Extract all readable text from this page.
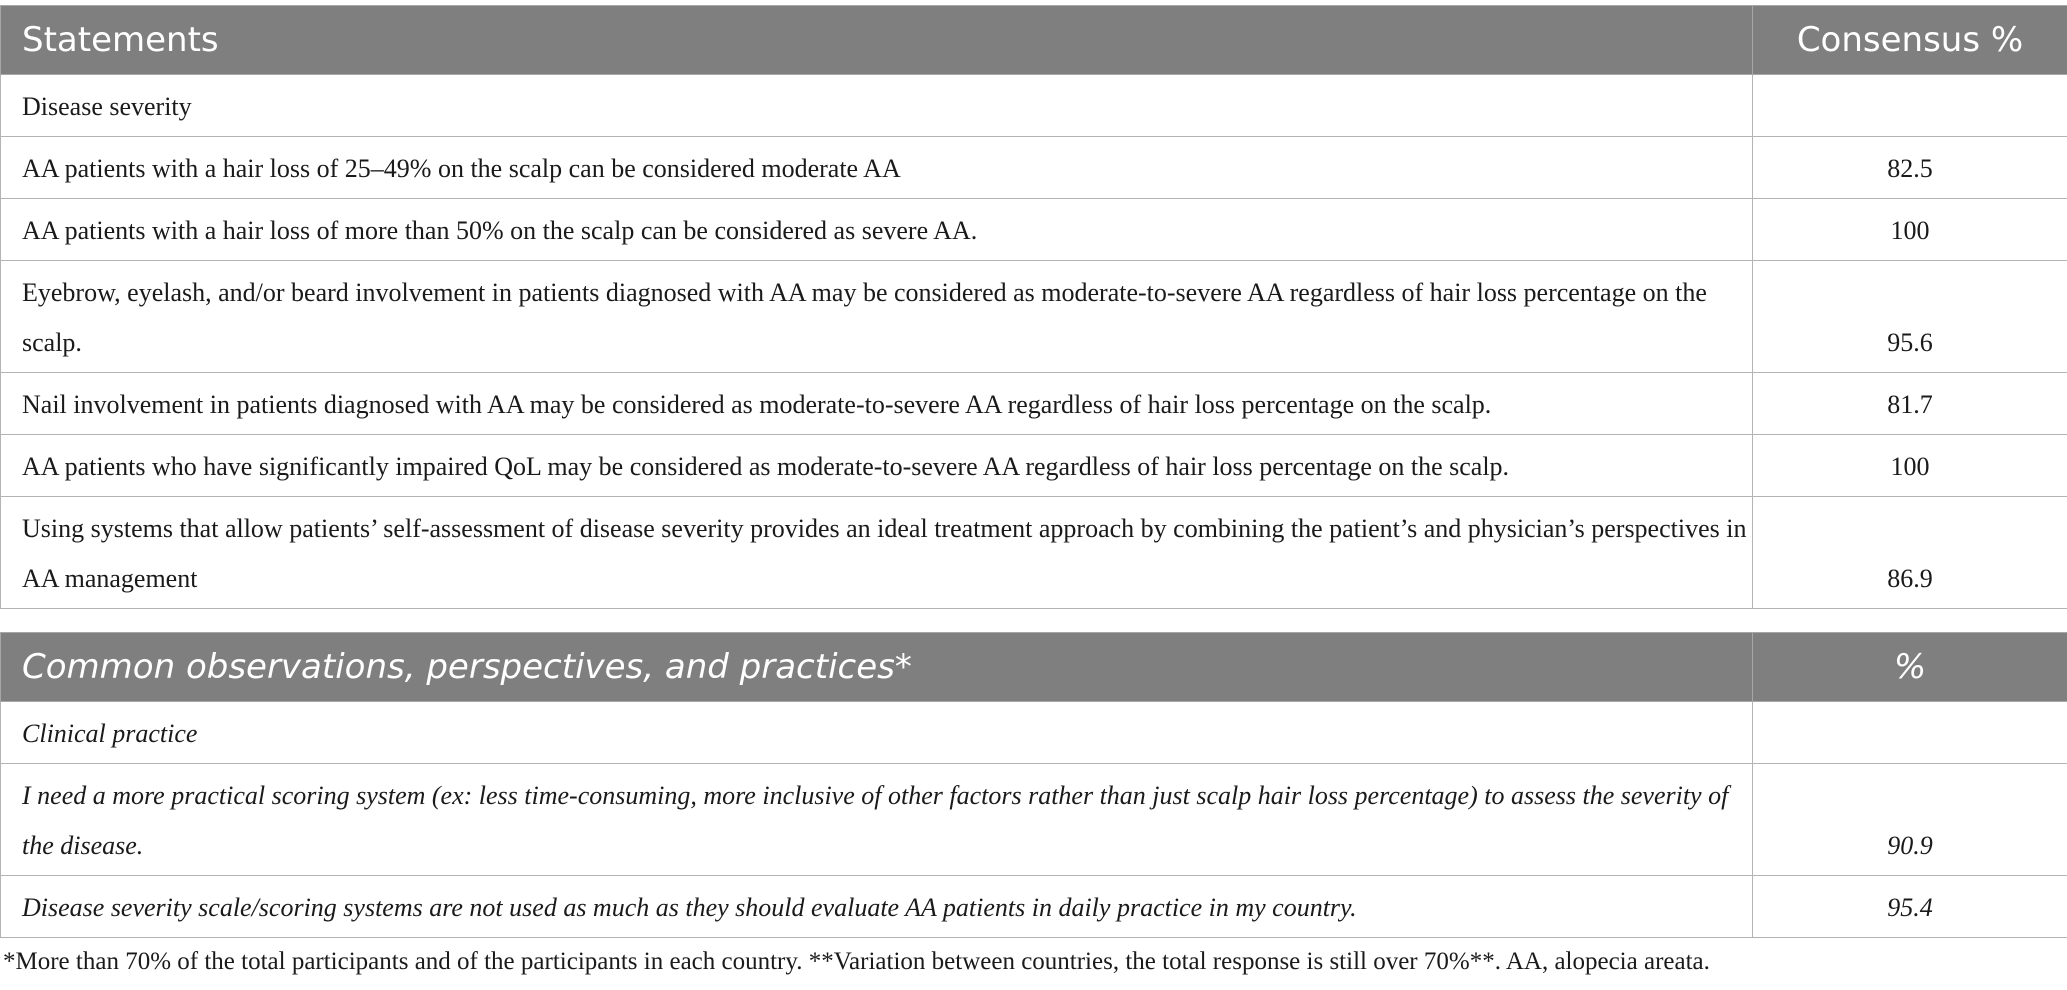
Statements	Consensus %

Disease severity	

AA patients with a hair loss of 25–49% on the scalp can be considered moderate AA	82.5

AA patients with a hair loss of more than 50% on the scalp can be considered as severe AA.	100

Eyebrow, eyelash, and/or beard involvement in patients diagnosed with AA may be considered as moderate-to-severe AA regardless of hair loss percentage on the scalp.	95.6

Nail involvement in patients diagnosed with AA may be considered as moderate-to-severe AA regardless of hair loss percentage on the scalp.	81.7

AA patients who have significantly impaired QoL may be considered as moderate-to-severe AA regardless of hair loss percentage on the scalp.	100

Using systems that allow patients’ self-assessment of disease severity provides an ideal treatment approach by combining the patient’s and physician’s perspectives in AA management	86.9
Common observations, perspectives, and practices*	%

Clinical practice	

I need a more practical scoring system (ex: less time-consuming, more inclusive of other factors rather than just scalp hair loss percentage) to assess the severity of the disease.	90.9

Disease severity scale/scoring systems are not used as much as they should evaluate AA patients in daily practice in my country.	95.4
*More than 70% of the total participants and of the participants in each country. **Variation between countries, the total response is still over 70%**. AA, alopecia areata.
